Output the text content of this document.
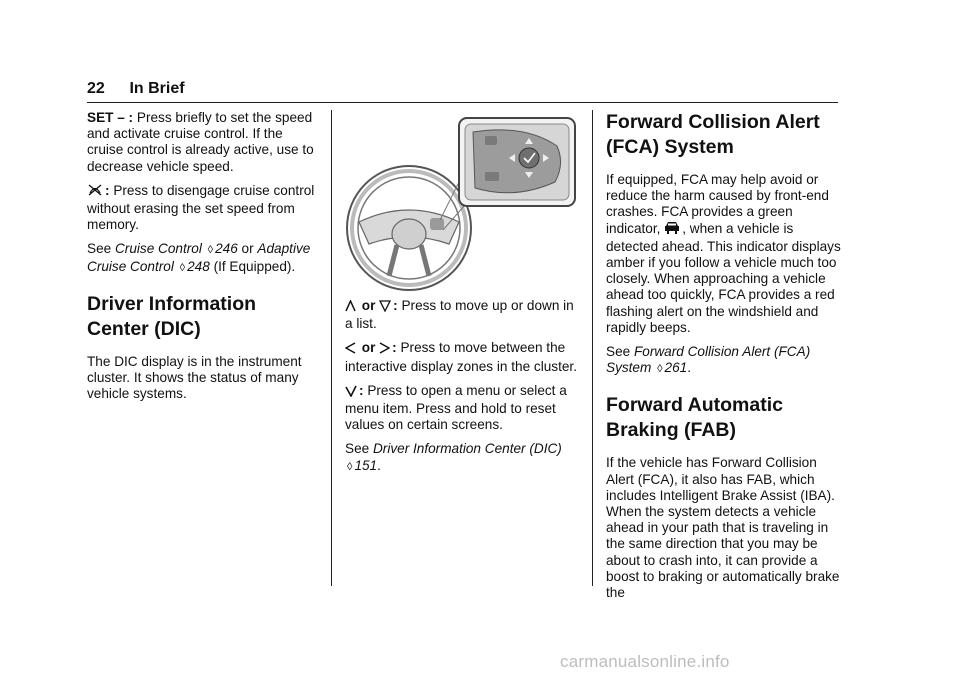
22 In Brief

SET – : Press briefly to set the speed and activate cruise control. If the cruise control is already active, use to decrease vehicle speed.

: Press to disengage cruise control without erasing the set speed from memory.

See Cruise Control ◊ 246 or Adaptive Cruise Control ◊ 248 (If Equipped).

Driver Information Center (DIC)

The DIC display is in the instrument cluster. It shows the status of many vehicle systems.

or : Press to move up or down in a list.

or : Press to move between the interactive display zones in the cluster.

: Press to open a menu or select a menu item. Press and hold to reset values on certain screens.

See Driver Information Center (DIC) ◊ 151.

Forward Collision Alert (FCA) System

If equipped, FCA may help avoid or reduce the harm caused by front-end crashes. FCA provides a green indicator, , when a vehicle is detected ahead. This indicator displays amber if you follow a vehicle much too closely. When approaching a vehicle ahead too quickly, FCA provides a red flashing alert on the windshield and rapidly beeps.

See Forward Collision Alert (FCA) System ◊ 261.

Forward Automatic Braking (FAB)

If the vehicle has Forward Collision Alert (FCA), it also has FAB, which includes Intelligent Brake Assist (IBA). When the system detects a vehicle ahead in your path that is traveling in the same direction that you may be about to crash into, it can provide a boost to braking or automatically brake the

carmanualsonline.info
